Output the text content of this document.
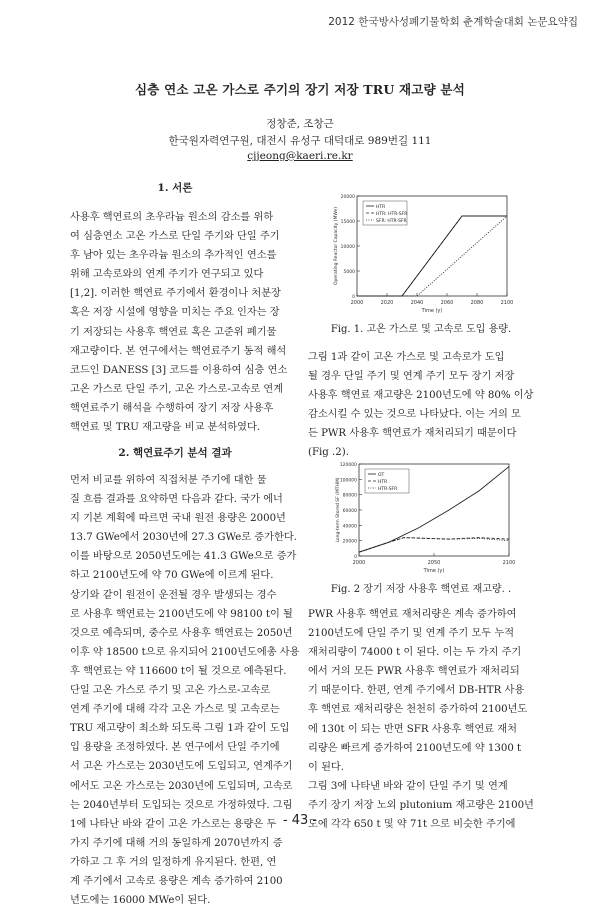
2012 한국방사성폐기물학회 춘계학술대회 논문요약집
심층 연소 고온 가스로 주기의 장기 저장 TRU 재고량 분석
정창준, 조창근
한국원자력연구원, 대전시 유성구 대덕대로 989번길 111
cjjeong@kaeri.re.kr
1. 서론
사용후 핵연료의 초우라늄 원소의 감소를 위하
여 심층연소 고온 가스로 단일 주기와 단일 주기
후 남아 있는 초우라늄 원소의 추가적인 연소를
위해 고속로와의 연계 주기가 연구되고 있다
[1,2]. 이러한 핵연료 주기에서 환경이나 처분장
혹은 저장 시설에 영향을 미치는 주요 인자는 장
기 저장되는 사용후 핵연료 혹은 고준위 폐기물
재고량이다. 본 연구에서는 핵연료주기 동적 해석
코드인 DANESS [3] 코드를 이용하여 심층 연소
고온 가스로 단일 주기, 고온 가스로-고속로 연계
핵연료주기 해석을 수행하여 장기 저장 사용후
핵연료 및 TRU 재고량을 비교 분석하였다.
2. 핵연료주기 분석 결과
먼저 비교를 위하여 직접처분 주기에 대한 물
질 흐름 결과를 요약하면 다음과 같다. 국가 에너
지 기본 계획에 따르면 국내 원전 용량은 2000년
13.7 GWe에서 2030년에 27.3 GWe로 증가한다.
이를 바탕으로 2050년도에는 41.3 GWe으로 증가
하고 2100년도에 약 70 GWe에 이르게 된다.
상기와 같이 원전이 운전될 경우 발생되는 경수
로 사용후 핵연료는 2100년도에 약 98100 t이 될
것으로 예측되며, 중수로 사용후 핵연료는 2050년
이후 약 18500 t으로 유지되어 2100년도에총 사용
후 핵연료는 약 116600 t이 될 것으로 예측된다.
단일 고온 가스로 주기 및 고온 가스로-고속로
연계 주기에 대해 각각 고온 가스로 및 고속로는
TRU 재고량이 최소화 되도록 그림 1과 같이 도입
입 용량을 조정하였다. 본 연구에서 단일 주기에
서 고온 가스로는 2030년도에 도입되고, 연계주기
에서도 고온 가스로는 2030년에 도입되며, 고속로
는 2040년부터 도입되는 것으로 가정하였다. 그림
1에 나타난 바와 같이 고온 가스로는 용량은 두
가지 주기에 대해 거의 동일하게 2070년까지 증
가하고 그 후 거의 일정하게 유지된다. 한편, 연
계 주기에서 고속로 용량은 계속 증가하여 2100
년도에는 16000 MWe이 된다.
2000	2020	2040	2060	2080	2100
0
5000
10000
15000
20000
Time (y)
Operating Reactor Capacity (MWe)	HTR
HTR: HTR-SFR
SFR: HTR-SFR
Fig. 1. 고온 가스로 및 고속로 도입 용량.
그림 1과 같이 고온 가스로 및 고속로가 도입
될 경우 단일 주기 및 연계 주기 모두 장기 저장
사용후 핵연료 재고량은 2100년도에 약 80% 이상
감소시킬 수 있는 것으로 나타났다. 이는 거의 모
든 PWR 사용후 핵연료가 재처리되기 때문이다
(Fig .2).
2000	2050	2100
0
20000
40000
60000
80000
100000
120000
Time (y)
Long-term Stored SF (MTHM)
OT
HTR
HTR-SFR
Fig. 2 장기 저장 사용후 핵연료 재고량. .
PWR 사용후 핵연료 재처리량은 계속 증가하여
2100년도에 단일 주기 및 연계 주기 모두 누적
재처리량이 74000 t 이 된다. 이는 두 가지 주기
에서 거의 모든 PWR 사용후 핵연료가 재처리되
기 때문이다. 한편, 연계 주기에서 DB-HTR 사용
후 핵연료 재처리량은 천천히 증가하여 2100년도
에 130t 이 되는 반면 SFR 사용후 핵연료 재처
리량은 빠르게 증가하여 2100년도에 약 1300 t
이 된다.
그림 3에 나타낸 바와 같이 단일 주기 및 연계
주기 장기 저장 노외 plutonium 재고량은 2100년
도에 각각 650 t 및 약 71t 으로 비슷한 주기에
- 43 -
